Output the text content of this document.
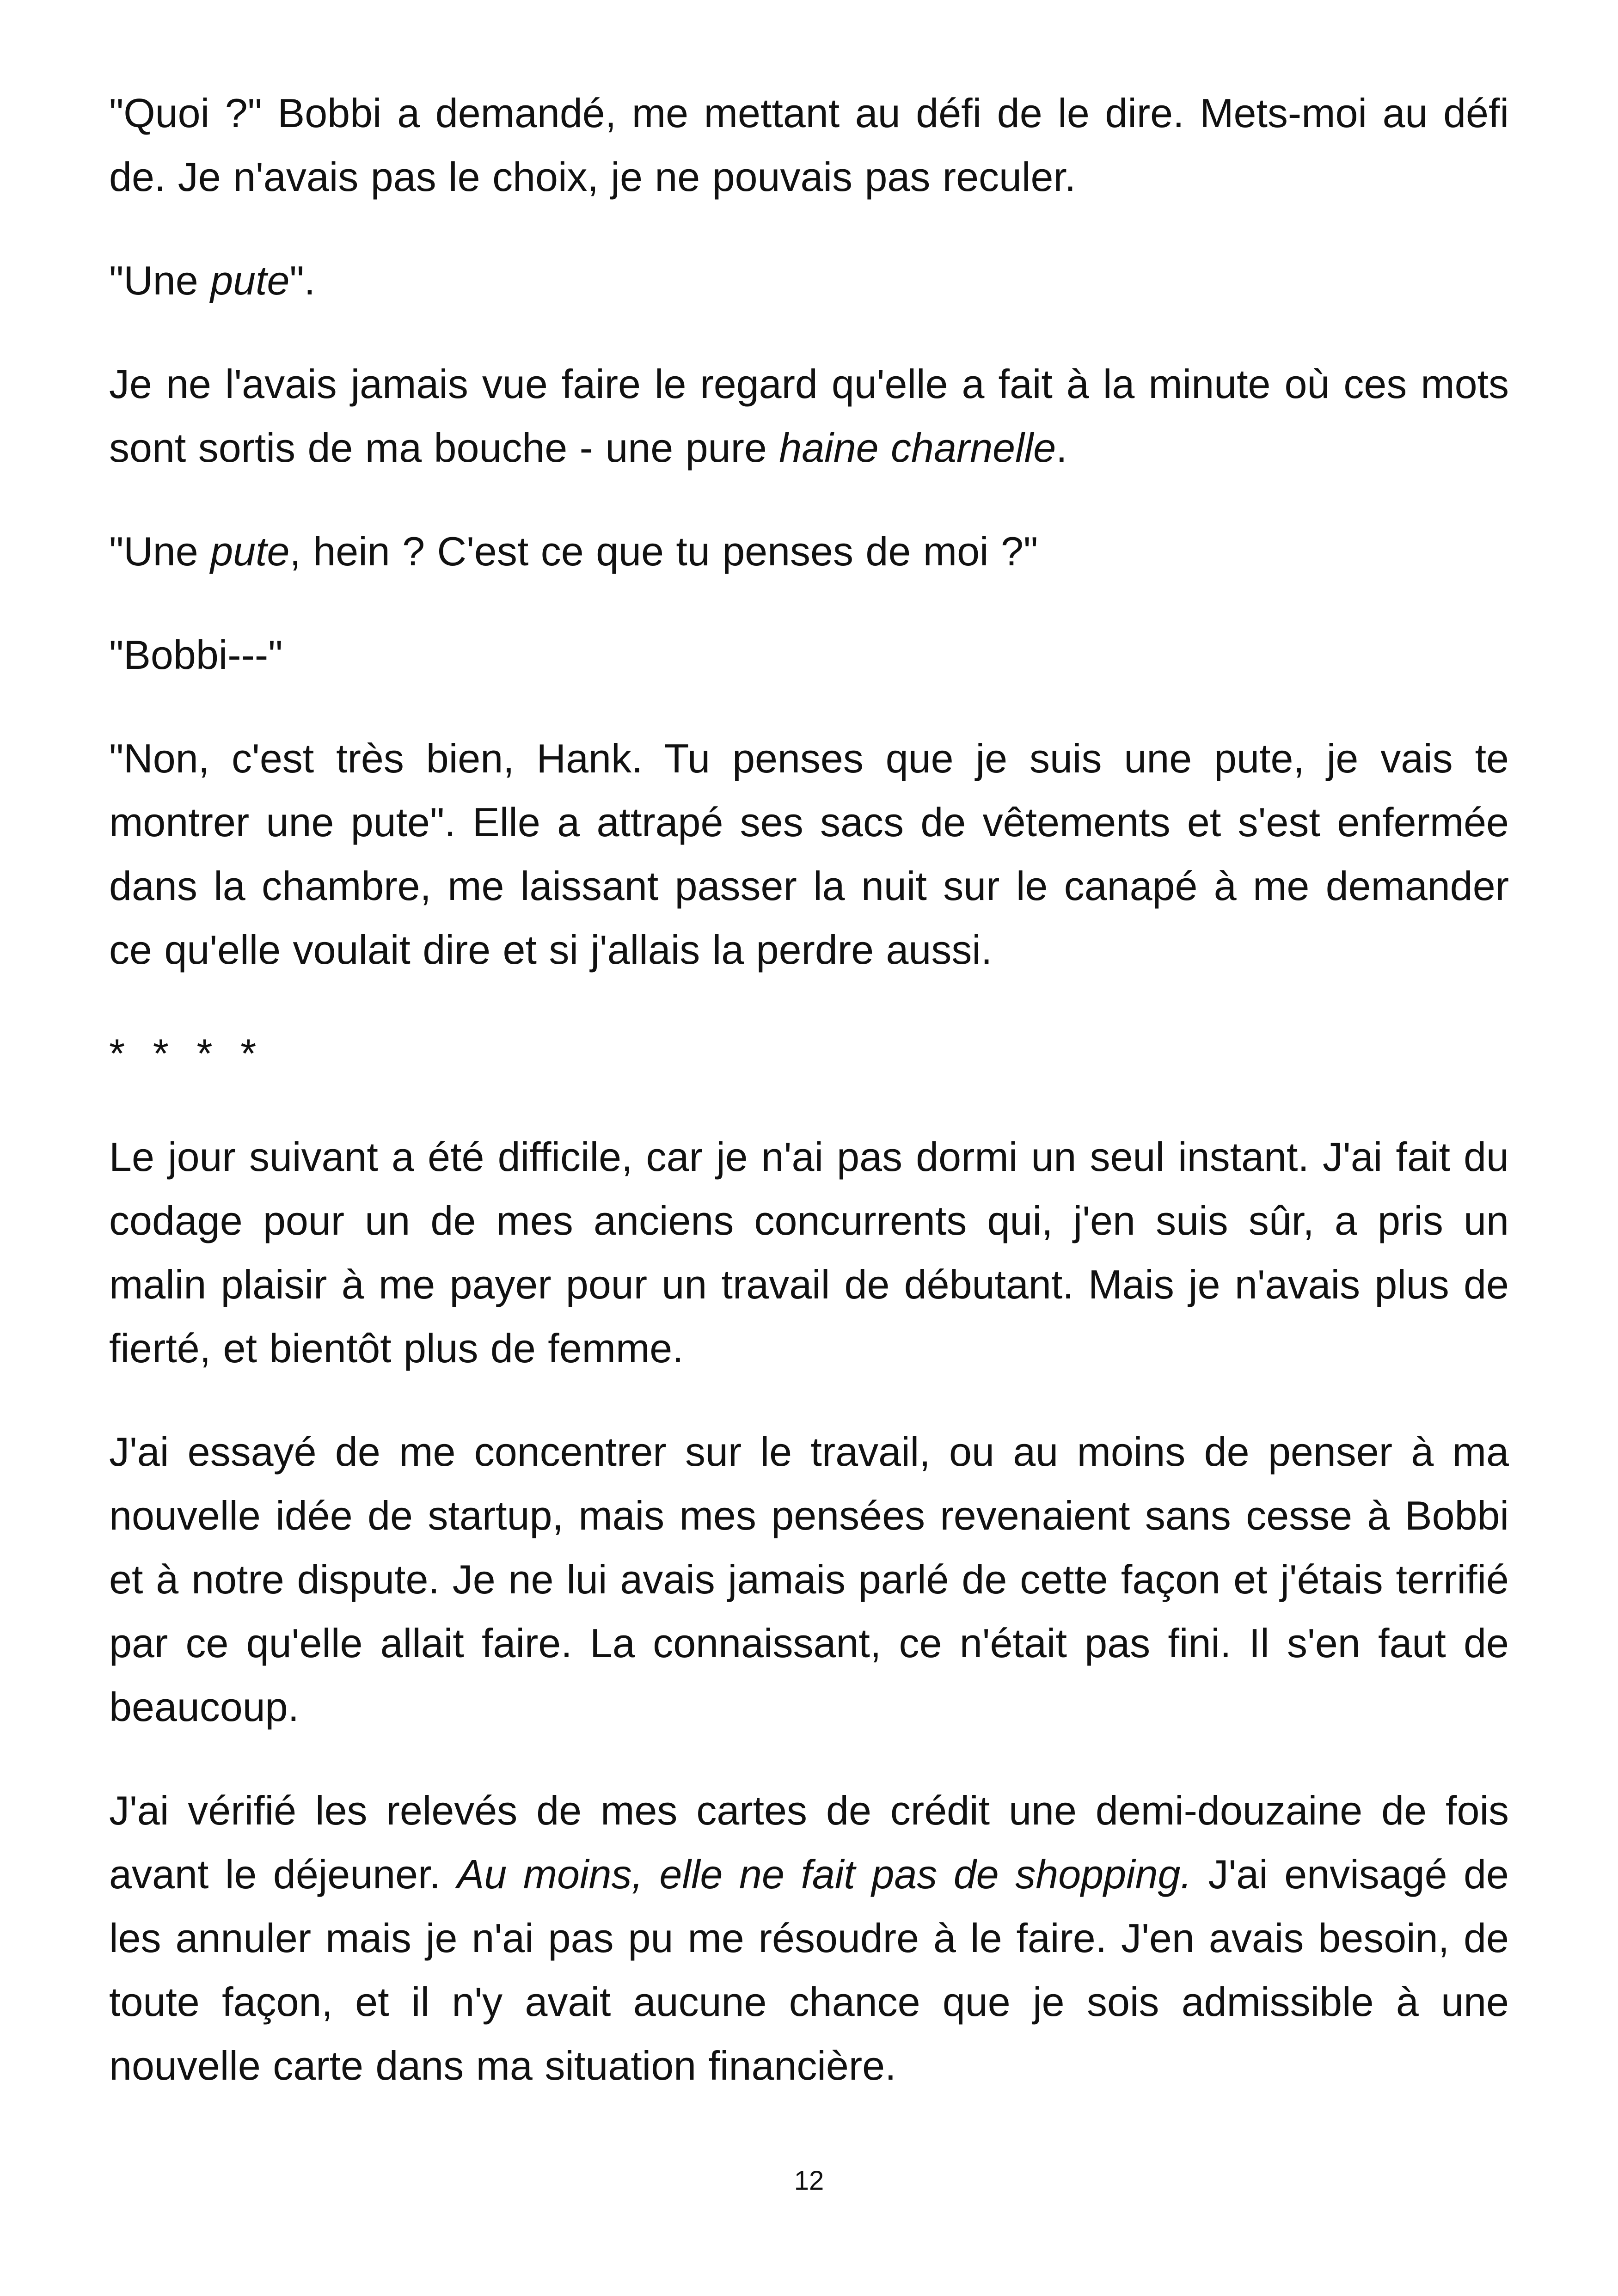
"Quoi ?" Bobbi a demandé, me mettant au défi de le dire. Mets-moi au défi de. Je n'avais pas le choix, je ne pouvais pas reculer.

"Une pute".

Je ne l'avais jamais vue faire le regard qu'elle a fait à la minute où ces mots sont sortis de ma bouche - une pure haine charnelle.

"Une pute, hein ? C'est ce que tu penses de moi ?"

"Bobbi---"

"Non, c'est très bien, Hank. Tu penses que je suis une pute, je vais te montrer une pute". Elle a attrapé ses sacs de vêtements et s'est enfermée dans la chambre, me laissant passer la nuit sur le canapé à me demander ce qu'elle voulait dire et si j'allais la perdre aussi.

* * * *

Le jour suivant a été difficile, car je n'ai pas dormi un seul instant. J'ai fait du codage pour un de mes anciens concurrents qui, j'en suis sûr, a pris un malin plaisir à me payer pour un travail de débutant. Mais je n'avais plus de fierté, et bientôt plus de femme.

J'ai essayé de me concentrer sur le travail, ou au moins de penser à ma nouvelle idée de startup, mais mes pensées revenaient sans cesse à Bobbi et à notre dispute. Je ne lui avais jamais parlé de cette façon et j'étais terrifié par ce qu'elle allait faire. La connaissant, ce n'était pas fini. Il s'en faut de beaucoup.

J'ai vérifié les relevés de mes cartes de crédit une demi-douzaine de fois avant le déjeuner. Au moins, elle ne fait pas de shopping. J'ai envisagé de les annuler mais je n'ai pas pu me résoudre à le faire. J'en avais besoin, de toute façon, et il n'y avait aucune chance que je sois admissible à une nouvelle carte dans ma situation financière.

12
